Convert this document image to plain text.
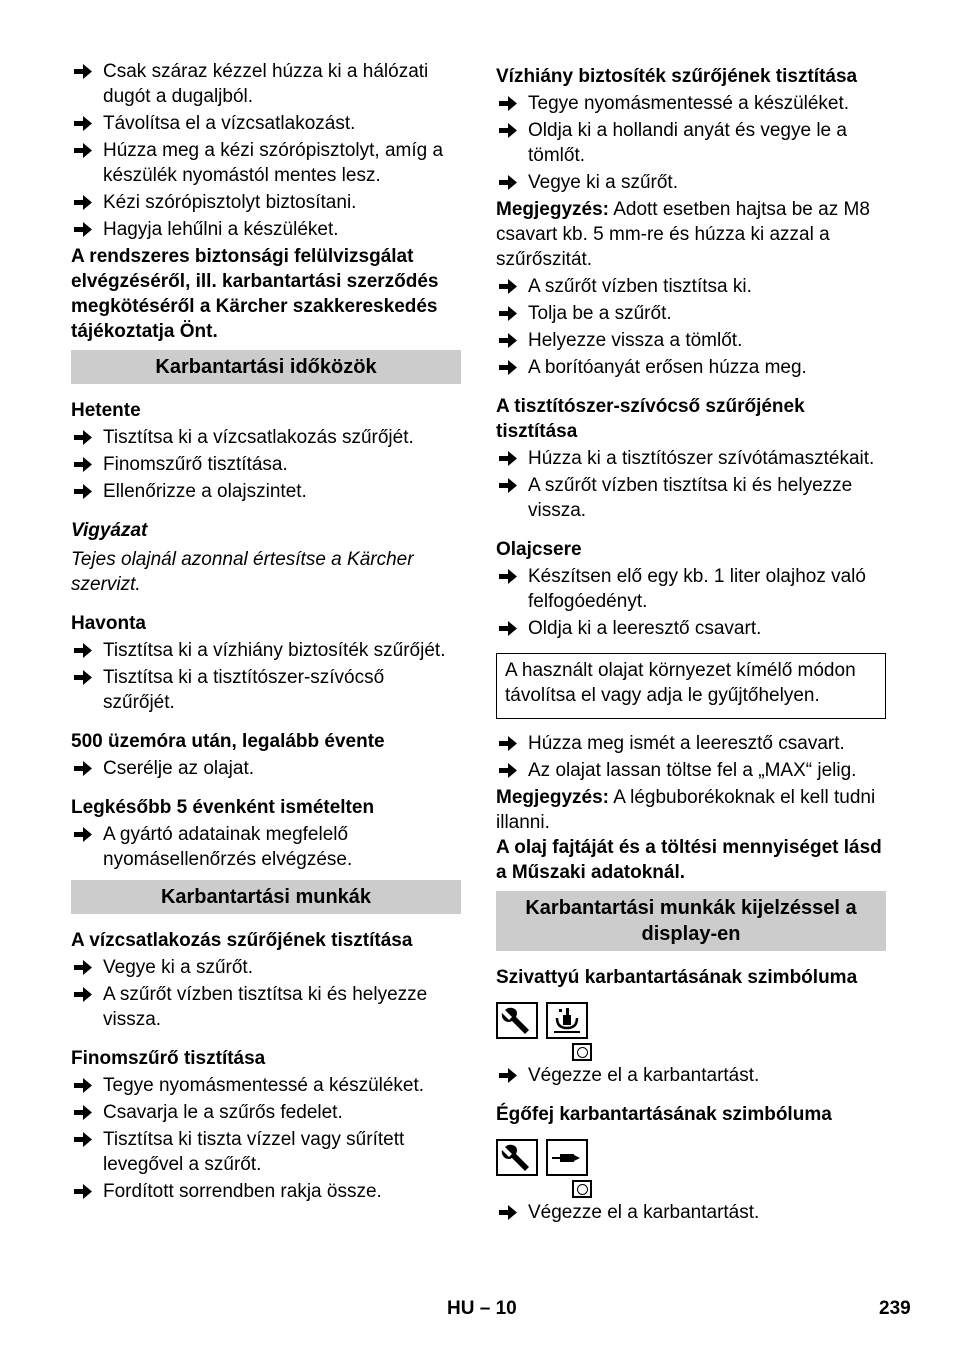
Csak száraz kézzel húzza ki a hálózati dugót a dugaljból.
Távolítsa el a vízcsatlakozást.
Húzza meg a kézi szórópisztolyt, amíg a készülék nyomástól mentes lesz.
Kézi szórópisztolyt biztosítani.
Hagyja lehűlni a készüléket.

A rendszeres biztonsági felülvizsgálat elvégzéséről, ill. karbantartási szerződés megkötéséről a Kärcher szakkereskedés tájékoztatja Önt.

Karbantartási időközök
Hetente
Tisztítsa ki a vízcsatlakozás szűrőjét.
Finomszűrő tisztítása.
Ellenőrizze a olajszintet.
Vigyázat

Tejes olajnál azonnal értesítse a Kärcher szervizt.

Havonta
Tisztítsa ki a vízhiány biztosíték szűrőjét.
Tisztítsa ki a tisztítószer-szívócső szűrőjét.
500 üzemóra után, legalább évente
Cserélje az olajat.
Legkésőbb 5 évenként ismételten
A gyártó adatainak megfelelő nyomásellenőrzés elvégzése.
Karbantartási munkák
A vízcsatlakozás szűrőjének tisztítása
Vegye ki a szűrőt.
A szűrőt vízben tisztítsa ki és helyezze vissza.
Finomszűrő tisztítása
Tegye nyomásmentessé a készüléket.
Csavarja le a szűrős fedelet.
Tisztítsa ki tiszta vízzel vagy sűrített levegővel a szűrőt.
Fordított sorrendben rakja össze.
Vízhiány biztosíték szűrőjének tisztítása
Tegye nyomásmentessé a készüléket.
Oldja ki a hollandi anyát és vegye le a tömlőt.
Vegye ki a szűrőt.

Megjegyzés: Adott esetben hajtsa be az M8 csavart kb. 5 mm-re és húzza ki azzal a szűrőszitát.

A szűrőt vízben tisztítsa ki.
Tolja be a szűrőt.
Helyezze vissza a tömlőt.
A borítóanyát erősen húzza meg.
A tisztítószer-szívócső szűrőjének tisztítása
Húzza ki a tisztítószer szívótámasztékait.
A szűrőt vízben tisztítsa ki és helyezze vissza.
Olajcsere
Készítsen elő egy kb. 1 liter olajhoz való felfogóedényt.
Oldja ki a leeresztő csavart.
A használt olajat környezet kímélő módon távolítsa el vagy adja le gyűjtőhelyen.
Húzza meg ismét a leeresztő csavart.
Az olajat lassan töltse fel a „MAX“ jelig.

Megjegyzés: A légbuborékoknak el kell tudni illanni.

A olaj fajtáját és a töltési mennyiséget lásd a Műszaki adatoknál.

Karbantartási munkák kijelzéssel a display-en
Szivattyú karbantartásának szimbóluma
Végezze el a karbantartást.
Égőfej karbantartásának szimbóluma
Végezze el a karbantartást.
HU – 10	239
